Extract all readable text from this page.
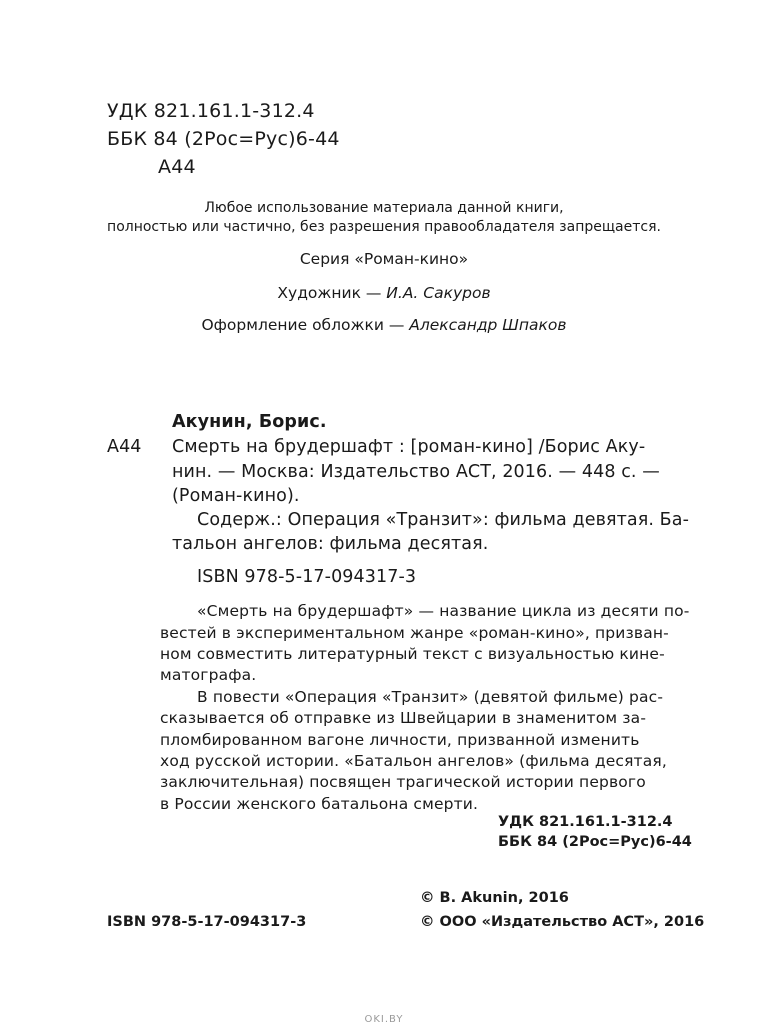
УДК 821.161.1-312.4
ББК 84 (2Рос=Рус)6-44
А44
Любое использование материала данной книги,
полностью или частично, без разрешения правообладателя запрещается.
Серия «Роман-кино»
Художник — И.А. Сакуров
Оформление обложки — Александр Шпаков
Акунин, Борис.
А44 Смерть на брудершафт : [роман-кино] /Борис Аку-
нин. — Москва: Издательство АСТ, 2016. — 448 с. —
(Роман-кино).
Содерж.: Операция «Транзит»: фильма девятая. Ба-
тальон ангелов: фильма десятая.
ISBN 978-5-17-094317-3
«Смерть на брудершафт» — название цикла из десяти по-
вестей в экспериментальном жанре «роман-кино», призван-
ном совместить литературный текст с визуальностью кине-
матографа.
В повести «Операция «Транзит» (девятой фильме) рас-
сказывается об отправке из Швейцарии в знаменитом за-
пломбированном вагоне личности, призванной изменить
ход русской истории. «Батальон ангелов» (фильма десятая,
заключительная) посвящен трагической истории первого
в России женского батальона смерти.
УДК 821.161.1-312.4
ББК 84 (2Рос=Рус)6-44
© B. Akunin, 2016
ISBN 978-5-17-094317-3	© ООО «Издательство АСТ», 2016
OKI.BY
